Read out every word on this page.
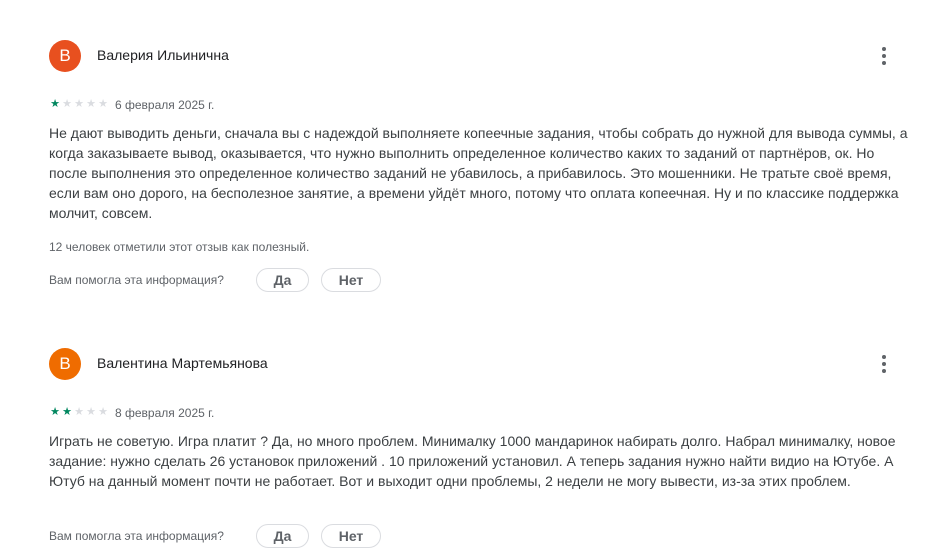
В	Валерия Ильинична
★ ★ ★ ★ ★ 6 февраля 2025 г.

Не дают выводить деньги, сначала вы с надеждой выполняете копеечные задания, чтобы собрать до нужной для вывода суммы, а когда заказываете вывод, оказывается, что нужно выполнить определенное количество каких то заданий от партнёров, ок. Но после выполнения это определенное количество заданий не убавилось, а прибавилось. Это мошенники. Не тратьте своё время, если вам оно дорого, на бесполезное занятие, а времени уйдёт много, потому что оплата копеечная. Ну и по классике поддержка молчит, совсем.

12 человек отметили этот отзыв как полезный.
Вам помогла эта информация?	Да	Нет
В	Валентина Мартемьянова
★ ★ ★ ★ ★ 8 февраля 2025 г.

Играть не советую. Игра платит ? Да, но много проблем. Минималку 1000 мандаринок набирать долго. Набрал минималку, новое задание: нужно сделать 26 установок приложений . 10 приложений установил. А теперь задания нужно найти видио на Ютубе. А Ютуб на данный момент почти не работает. Вот и выходит одни проблемы, 2 недели не могу вывести, из-за этих проблем.

Вам помогла эта информация?	Да	Нет
